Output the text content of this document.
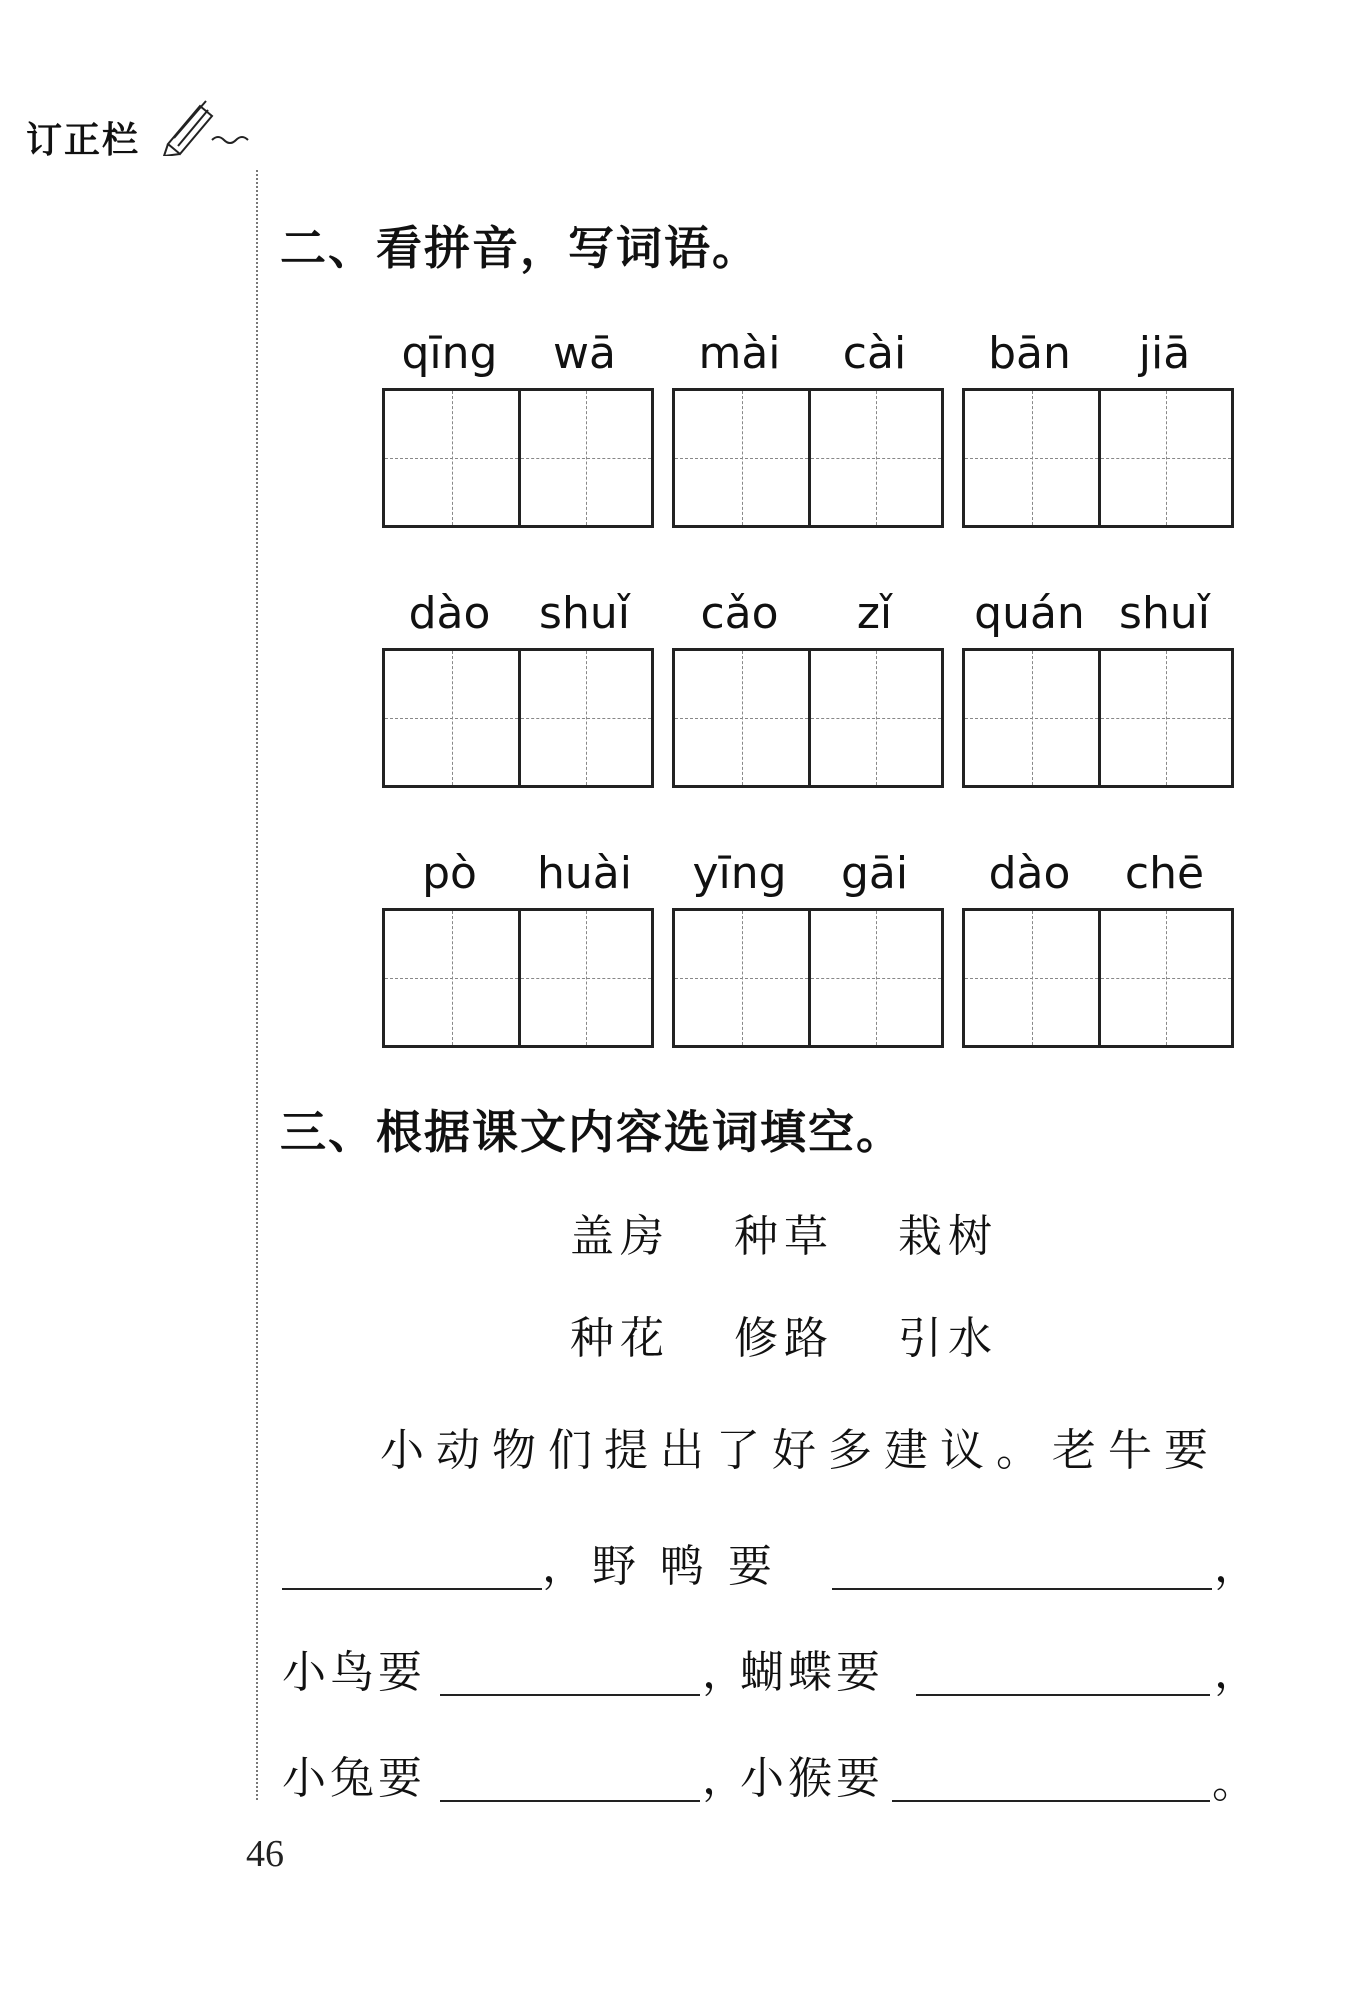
订正栏
二、看拼音，写词语。
qīng	wā	mài	cài	bān	jiā
dào	shuǐ	cǎo	zǐ	quán shuǐ
pò	huài	yīng	gāi	dào	chē
三、根据课文内容选词填空。
盖房 种草 栽树
种花 修路 引水
小动物们提出了好多建议。老牛要
， 野鸭要	，
小鸟要	，
蝴蝶要	，
小兔要	，
小猴要	。
46
